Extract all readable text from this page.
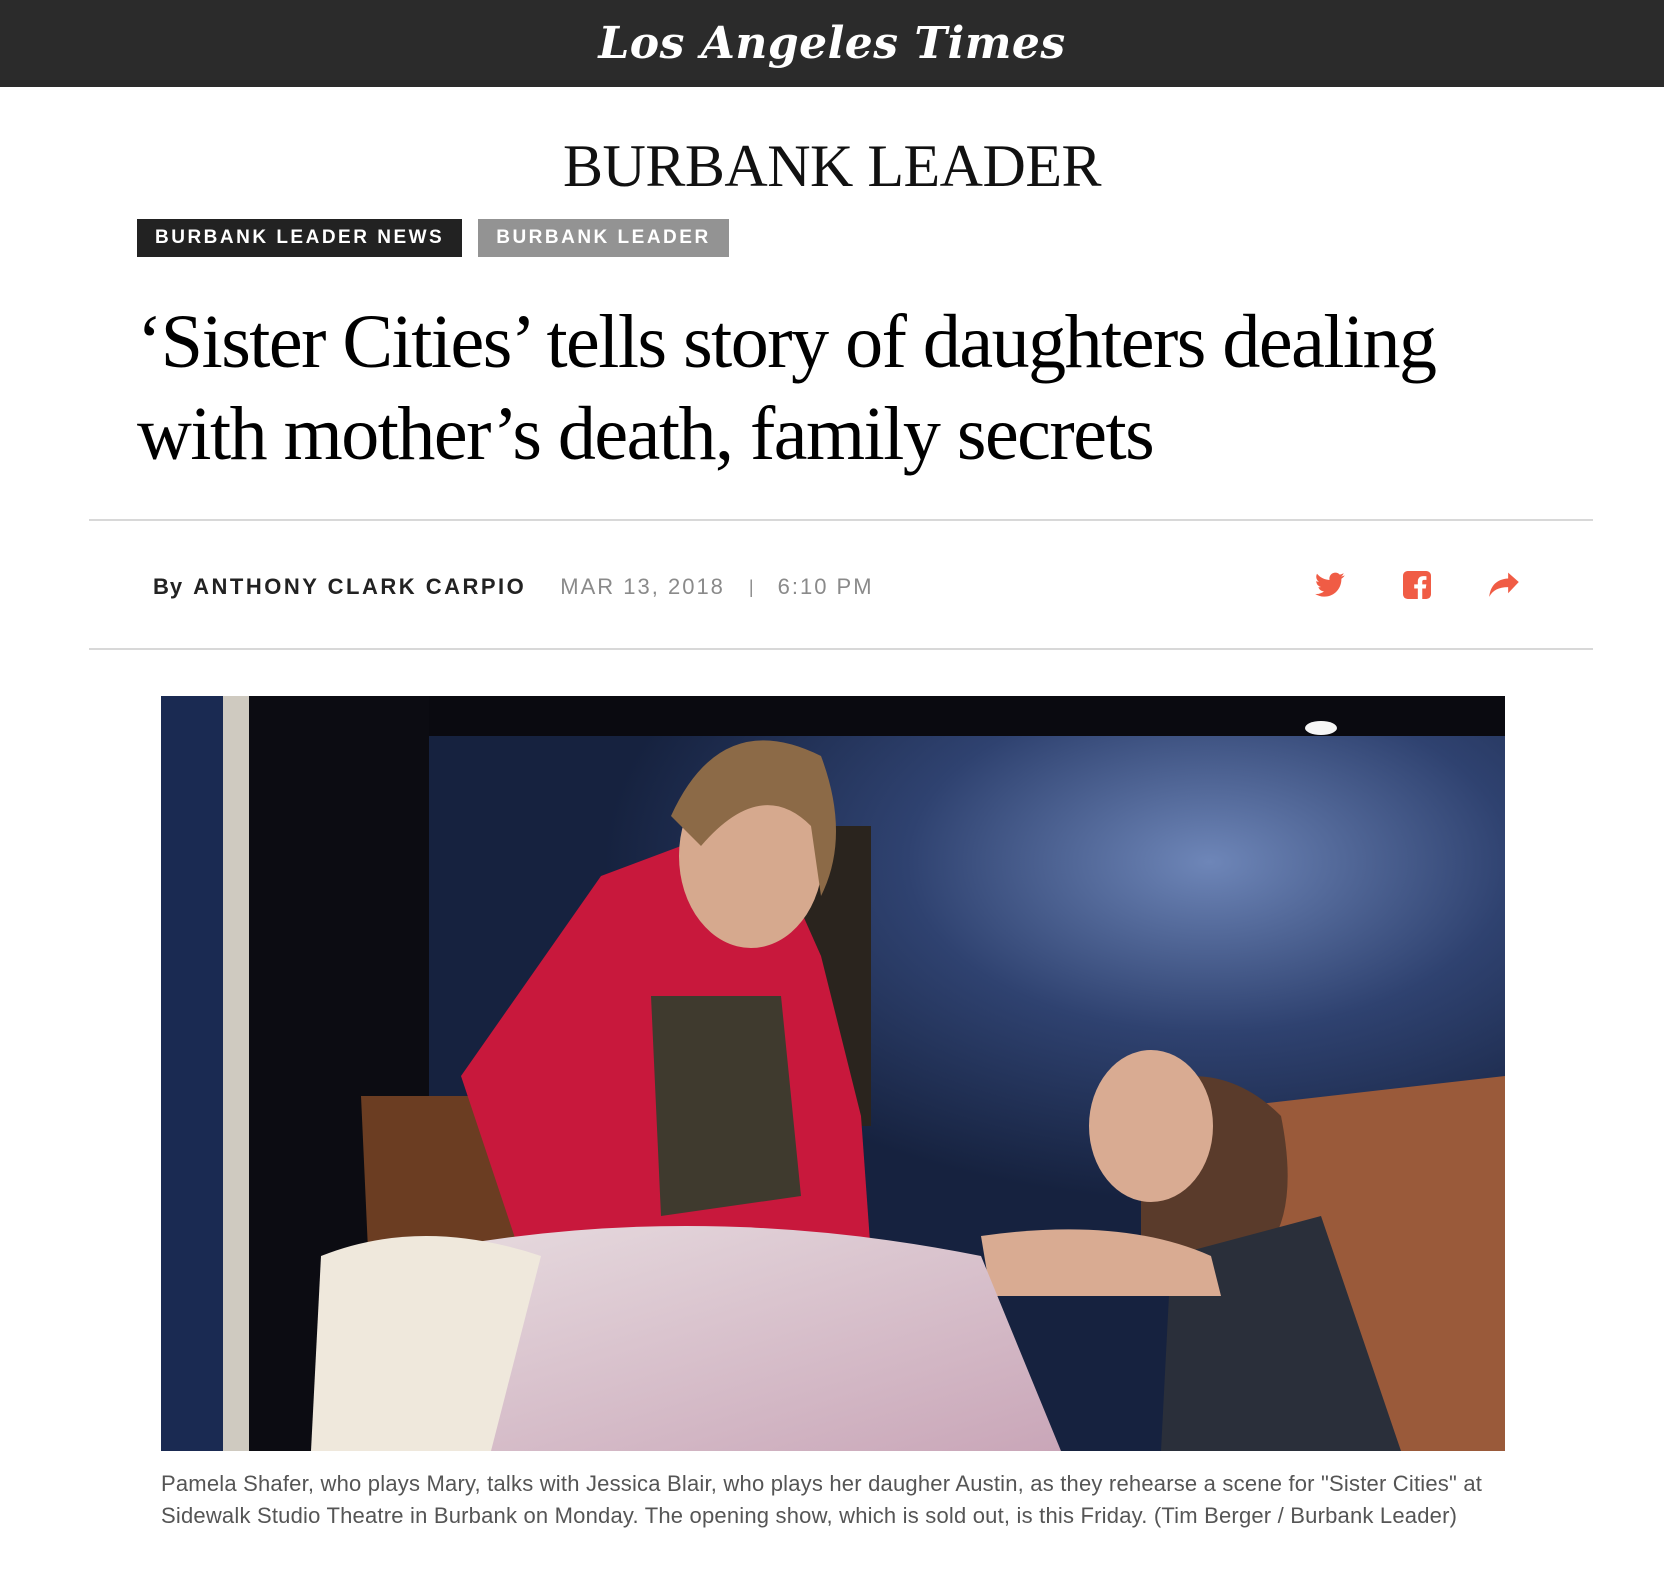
Los Angeles Times
BURBANK LEADER
BURBANK LEADER NEWS	BURBANK LEADER
‘Sister Cities’ tells story of daughters dealing with mother’s death, family secrets
By ANTHONY CLARK CARPIO MAR 13, 2018 | 6:10 PM

Pamela Shafer, who plays Mary, talks with Jessica Blair, who plays her daugher Austin, as they rehearse a scene for "Sister Cities" at Sidewalk Studio Theatre in Burbank on Monday. The opening show, which is sold out, is this Friday. (Tim Berger / Burbank Leader)
